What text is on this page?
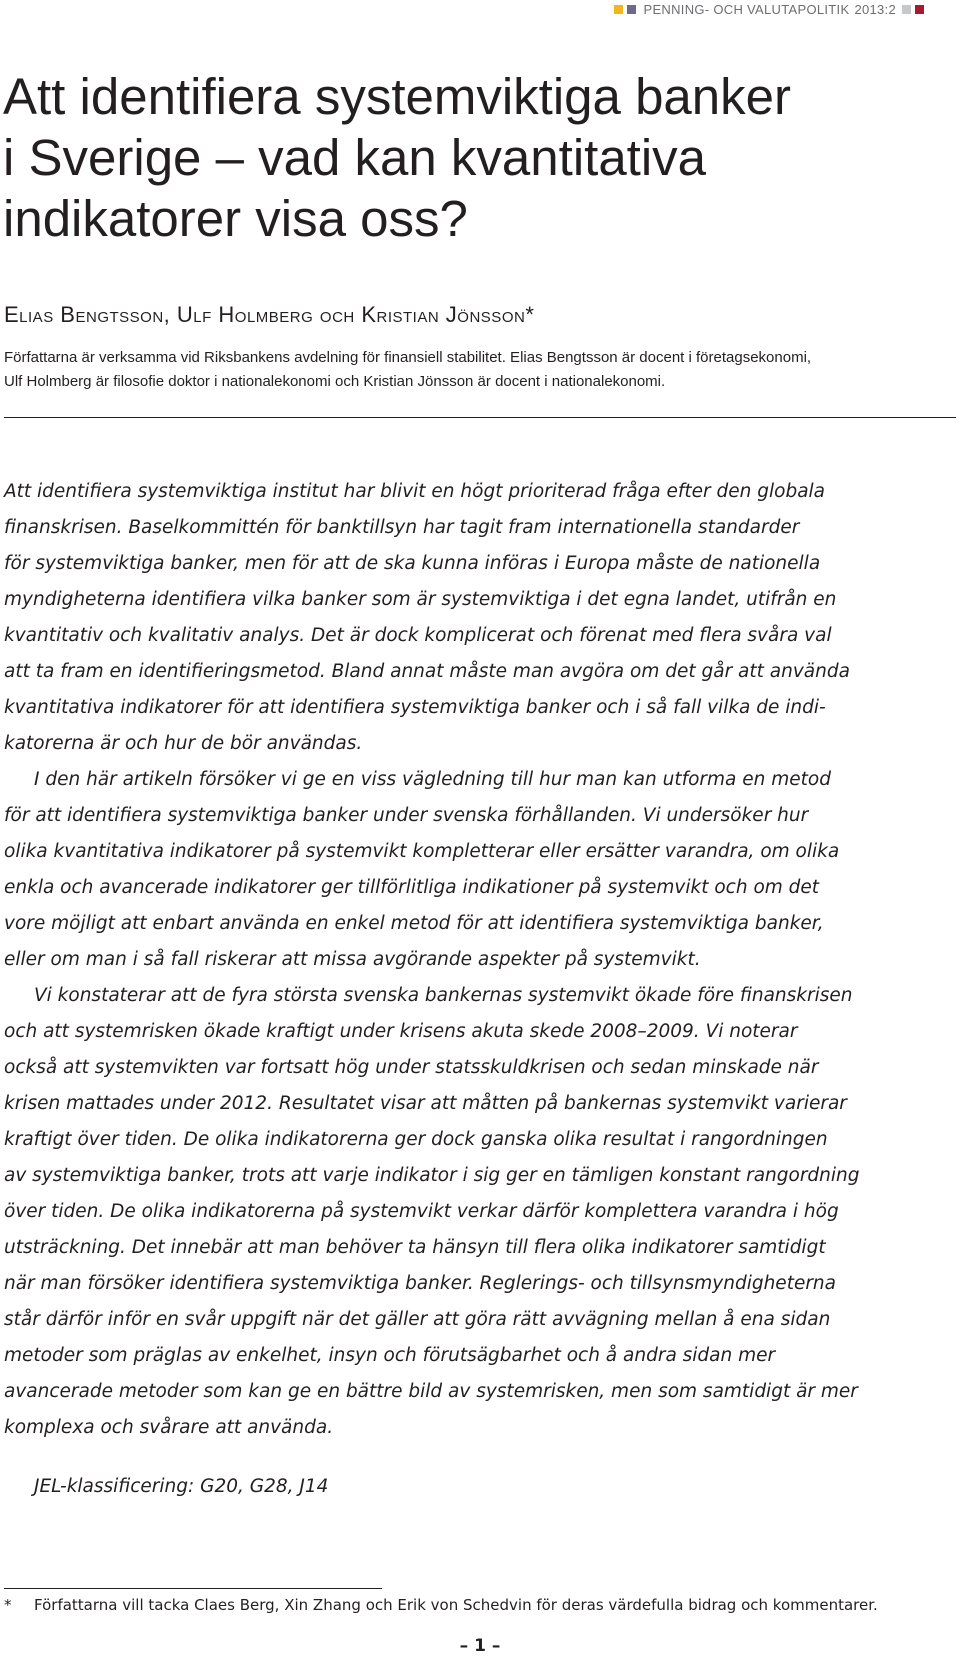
PENNING- OCH VALUTAPOLITIK 2013:2
Att identifiera systemviktiga banker
i Sverige – vad kan kvantitativa
indikatorer visa oss?
Elias Bengtsson, Ulf Holmberg och Kristian Jönsson*
Författarna är verksamma vid Riksbankens avdelning för finansiell stabilitet. Elias Bengtsson är docent i företagsekonomi,
Ulf Holmberg är filosofie doktor i nationalekonomi och Kristian Jönsson är docent i nationalekonomi.
Att identifiera systemviktiga institut har blivit en högt prioriterad fråga efter den globala
finanskrisen. Baselkommittén för banktillsyn har tagit fram internationella standarder
för systemviktiga banker, men för att de ska kunna införas i Europa måste de nationella
myndigheterna identifiera vilka banker som är systemviktiga i det egna landet, utifrån en
kvantitativ och kvalitativ analys. Det är dock komplicerat och förenat med flera svåra val
att ta fram en identifieringsmetod. Bland annat måste man avgöra om det går att använda
kvantitativa indikatorer för att identifiera systemviktiga banker och i så fall vilka de indi-
katorerna är och hur de bör användas.
I den här artikeln försöker vi ge en viss vägledning till hur man kan utforma en metod
för att identifiera systemviktiga banker under svenska förhållanden. Vi undersöker hur
olika kvantitativa indikatorer på systemvikt kompletterar eller ersätter varandra, om olika
enkla och avancerade indikatorer ger tillförlitliga indikationer på systemvikt och om det
vore möjligt att enbart använda en enkel metod för att identifiera systemviktiga banker,
eller om man i så fall riskerar att missa avgörande aspekter på systemvikt.
Vi konstaterar att de fyra största svenska bankernas systemvikt ökade före finanskrisen
och att systemrisken ökade kraftigt under krisens akuta skede 2008–2009. Vi noterar
också att systemvikten var fortsatt hög under statsskuldkrisen och sedan minskade när
krisen mattades under 2012. Resultatet visar att måtten på bankernas systemvikt varierar
kraftigt över tiden. De olika indikatorerna ger dock ganska olika resultat i rangordningen
av systemviktiga banker, trots att varje indikator i sig ger en tämligen konstant rangordning
över tiden. De olika indikatorerna på systemvikt verkar därför komplettera varandra i hög
utsträckning. Det innebär att man behöver ta hänsyn till flera olika indikatorer samtidigt
när man försöker identifiera systemviktiga banker. Reglerings- och tillsynsmyndigheterna
står därför inför en svår uppgift när det gäller att göra rätt avvägning mellan å ena sidan
metoder som präglas av enkelhet, insyn och förutsägbarhet och å andra sidan mer
avancerade metoder som kan ge en bättre bild av systemrisken, men som samtidigt är mer
komplexa och svårare att använda.
JEL-klassificering: G20, G28, J14
* Författarna vill tacka Claes Berg, Xin Zhang och Erik von Schedvin för deras värdefulla bidrag och kommentarer.
– 1 –
